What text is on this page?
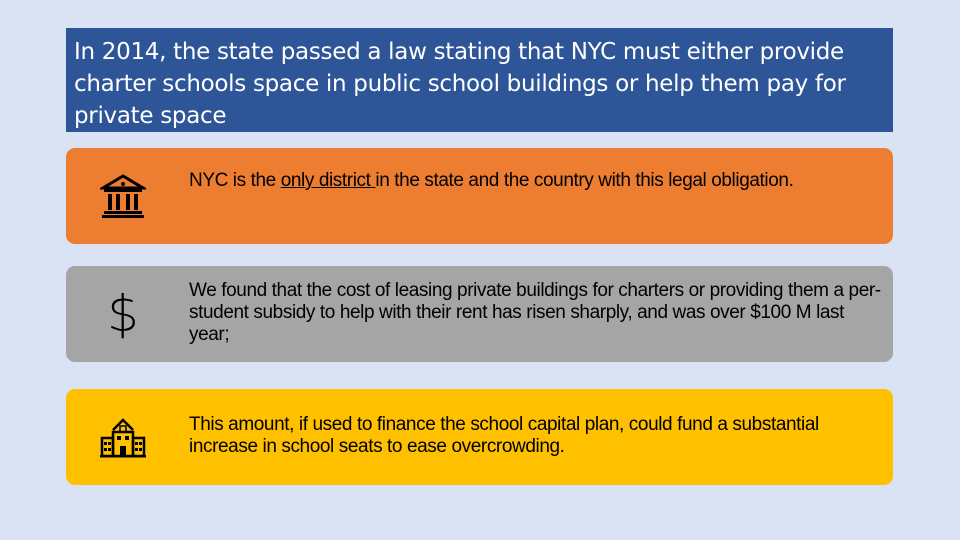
In 2014, the state passed a law stating that NYC must either provide charter schools space in public school buildings or help them pay for private space
NYC is the only district in the state and the country with this legal obligation.
$	We found that the cost of leasing private buildings for charters or providing them a per-student subsidy to help with their rent has risen sharply, and was over $100 M last year;
This amount, if used to finance the school capital plan, could fund a substantial increase in school seats to ease overcrowding.
